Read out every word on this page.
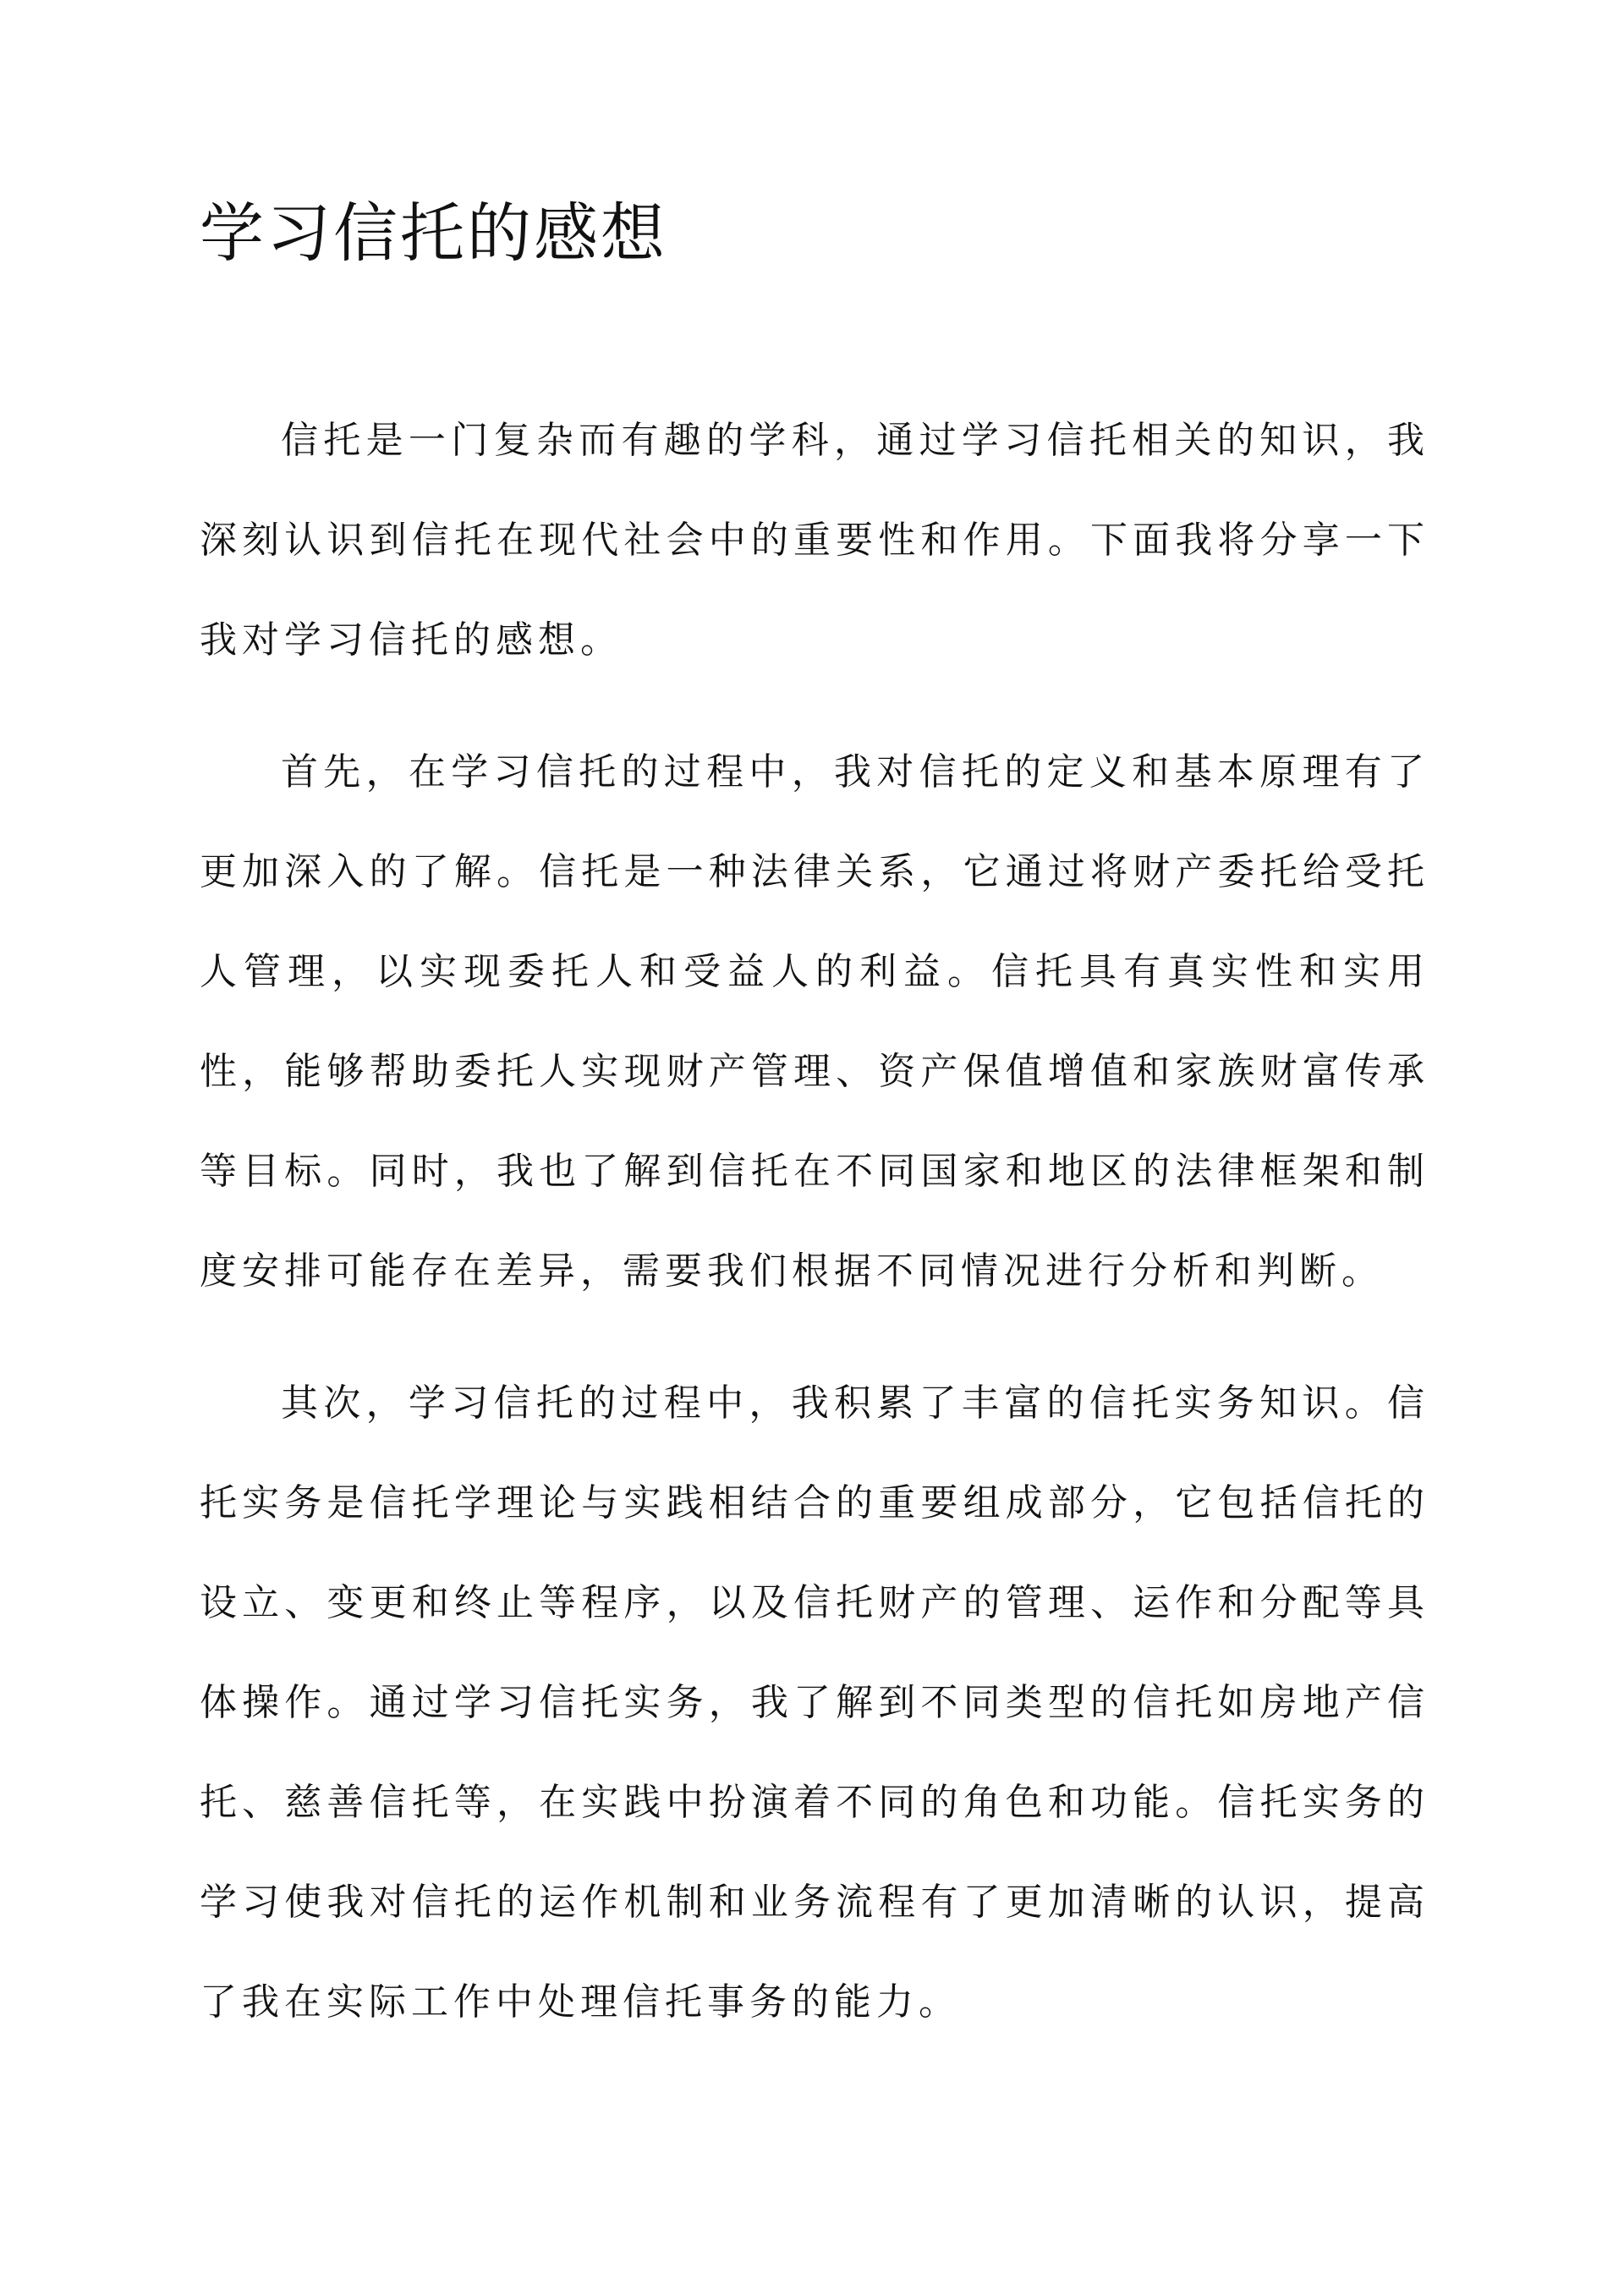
学习信托的感想

信托是一门复杂而有趣的学科，通过学习信托相关的知识，我深刻认识到信托在现代社会中的重要性和作用。下面我将分享一下我对学习信托的感想。

首先，在学习信托的过程中，我对信托的定义和基本原理有了更加深入的了解。信托是一种法律关系，它通过将财产委托给受托人管理，以实现委托人和受益人的利益。信托具有真实性和实用性，能够帮助委托人实现财产管理、资产保值增值和家族财富传承等目标。同时，我也了解到信托在不同国家和地区的法律框架和制度安排可能存在差异，需要我们根据不同情况进行分析和判断。

其次，学习信托的过程中，我积累了丰富的信托实务知识。信托实务是信托学理论与实践相结合的重要组成部分，它包括信托的设立、变更和终止等程序，以及信托财产的管理、运作和分配等具体操作。通过学习信托实务，我了解到不同类型的信托如房地产信托、慈善信托等，在实践中扮演着不同的角色和功能。信托实务的学习使我对信托的运作机制和业务流程有了更加清晰的认识，提高了我在实际工作中处理信托事务的能力。
